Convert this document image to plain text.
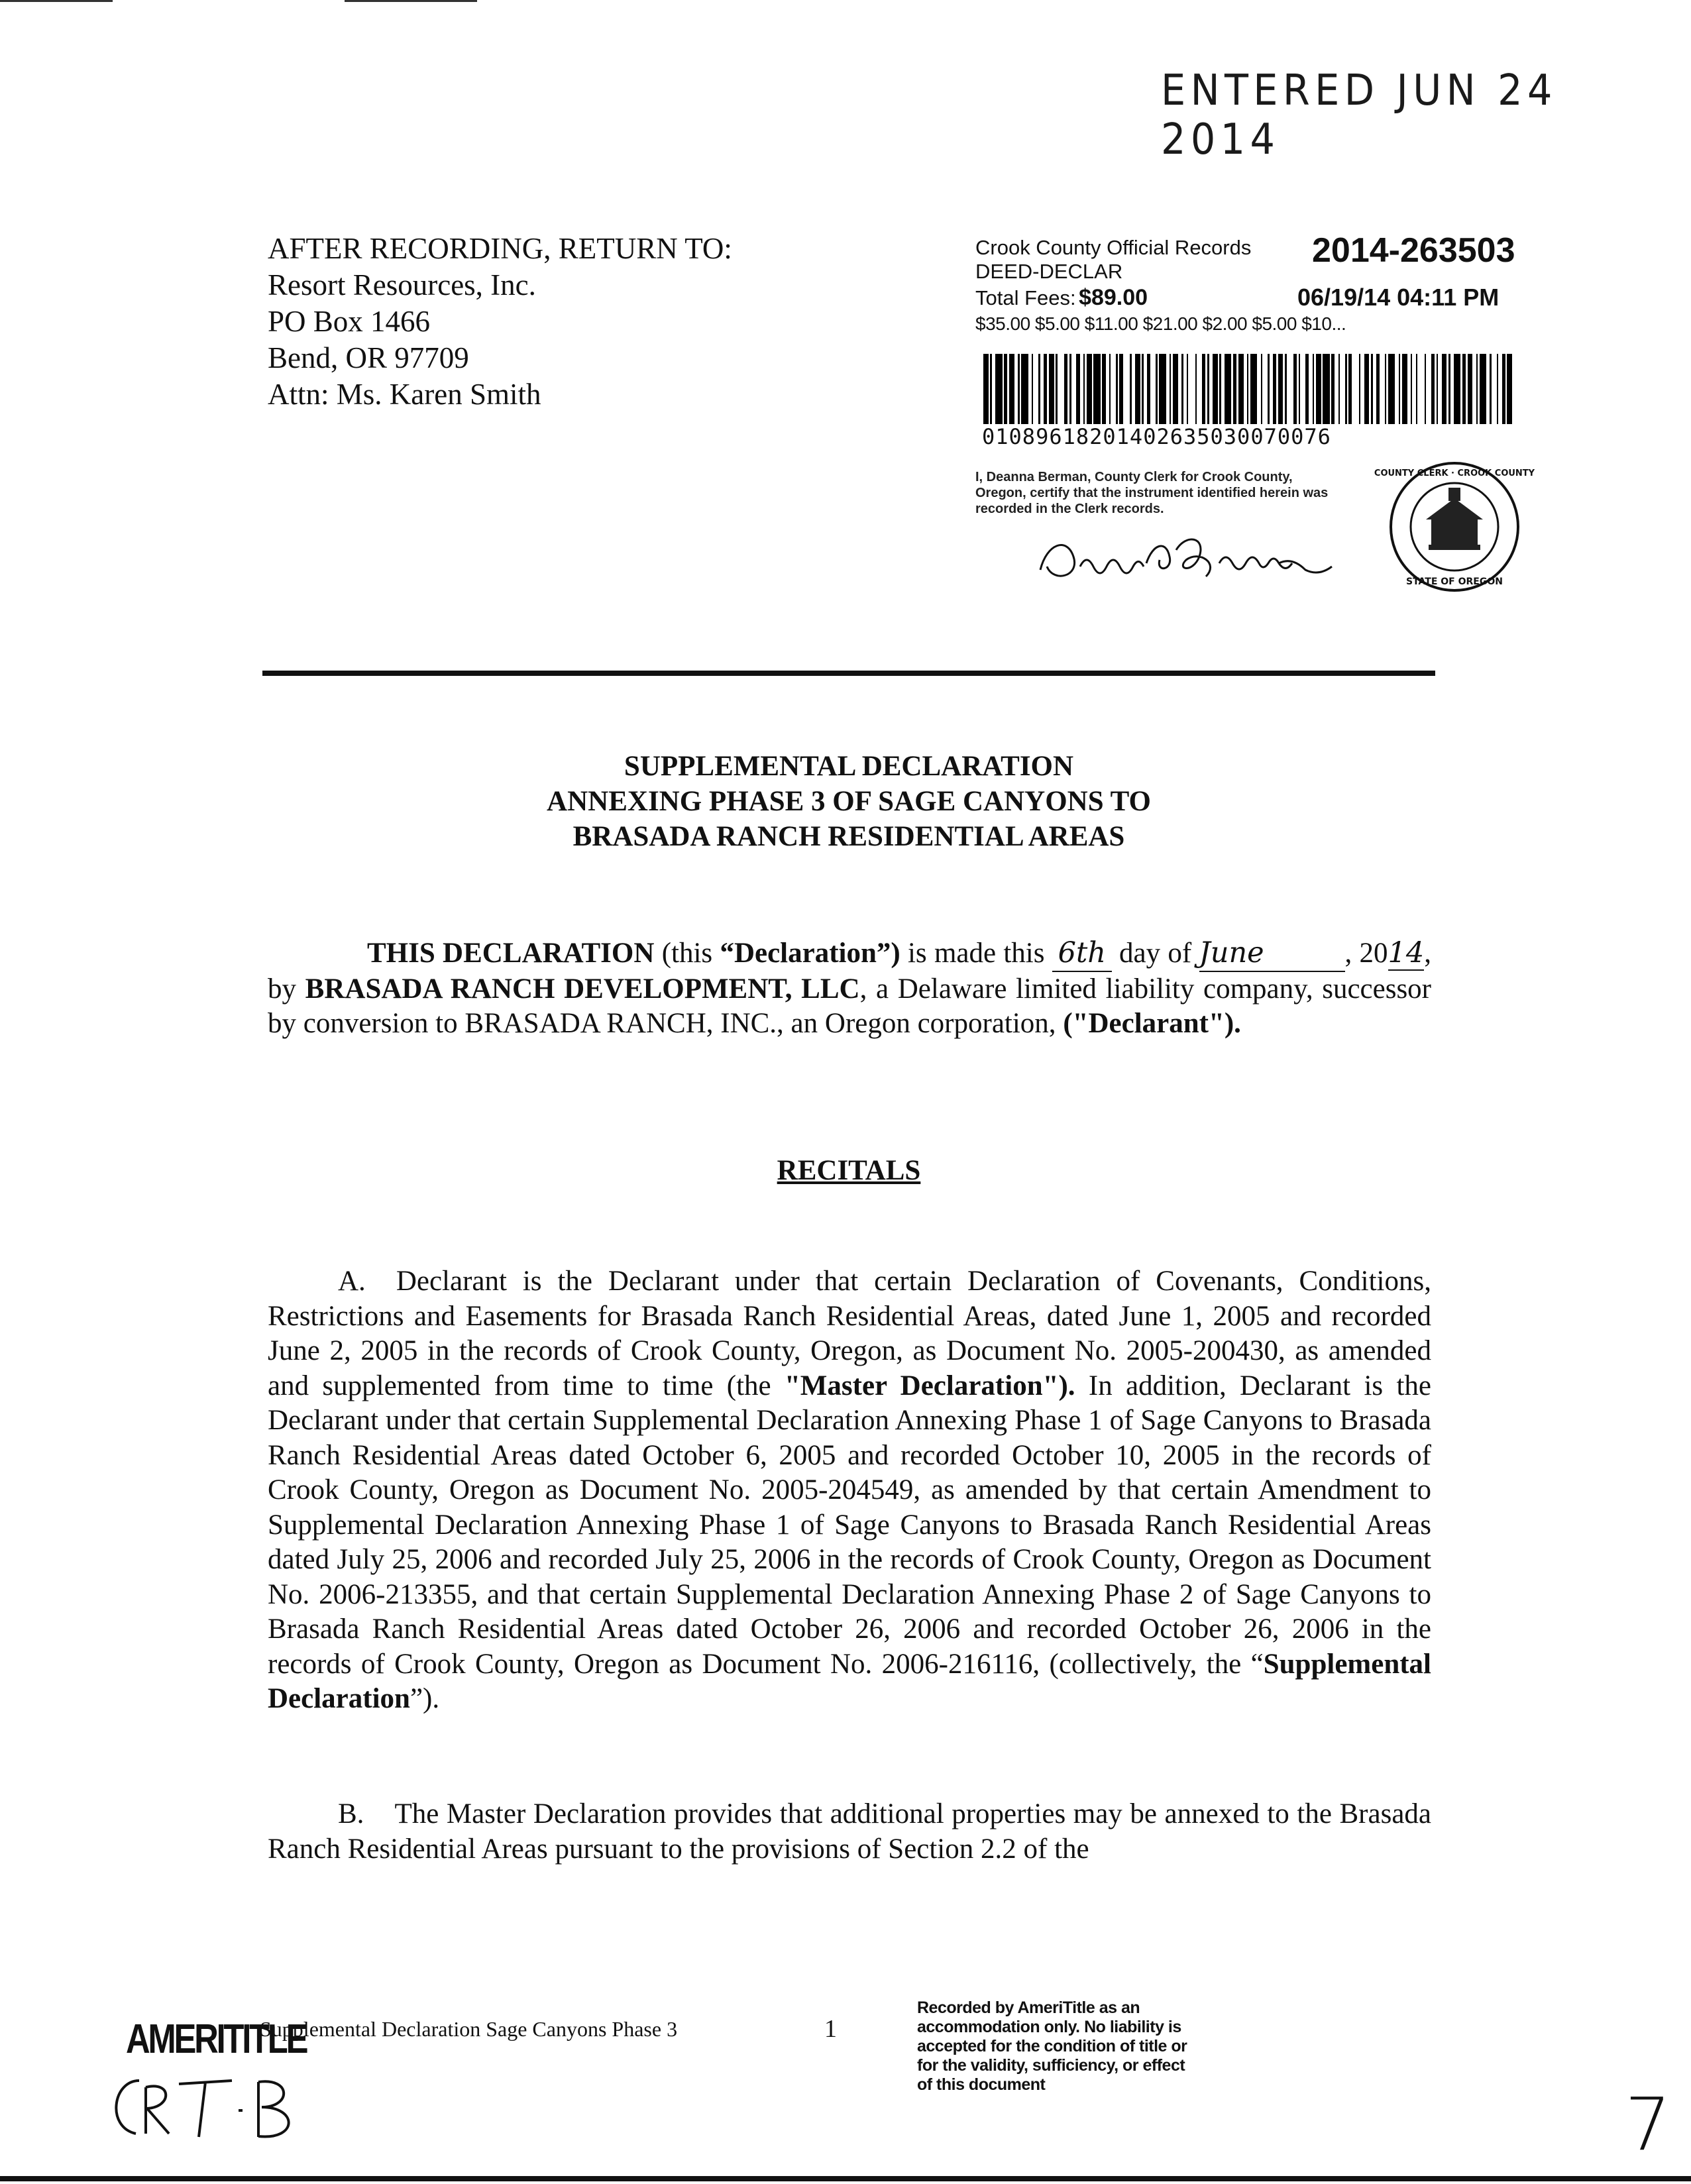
ENTERED JUN 24 2014
AFTER RECORDING, RETURN TO:
Resort Resources, Inc.
PO Box 1466
Bend, OR 97709
Attn: Ms. Karen Smith
Crook County Official Records	2014-263503
DEED-DECLAR
Total Fees: $89.00	06/19/14 04:11 PM
$35.00 $5.00 $11.00 $21.00 $2.00 $5.00 $10...
01089618201402635030070076
I, Deanna Berman, County Clerk for Crook County, Oregon, certify that the instrument identified herein was recorded in the Clerk records.
COUNTY CLERK · CROOK COUNTY
STATE OF OREGON
SUPPLEMENTAL DECLARATION
ANNEXING PHASE 3 OF SAGE CANYONS TO
BRASADA RANCH RESIDENTIAL AREAS
THIS DECLARATION (this “Declaration”) is made this 6th day of June	, 2014, by BRASADA RANCH DEVELOPMENT, LLC, a Delaware limited liability company, successor by conversion to BRASADA RANCH, INC., an Oregon corporation, ("Declarant").
RECITALS
A. Declarant is the Declarant under that certain Declaration of Covenants, Conditions, Restrictions and Easements for Brasada Ranch Residential Areas, dated June 1, 2005 and recorded June 2, 2005 in the records of Crook County, Oregon, as Document No. 2005-200430, as amended and supplemented from time to time (the "Master Declaration"). In addition, Declarant is the Declarant under that certain Supplemental Declaration Annexing Phase 1 of Sage Canyons to Brasada Ranch Residential Areas dated October 6, 2005 and recorded October 10, 2005 in the records of Crook County, Oregon as Document No. 2005-204549, as amended by that certain Amendment to Supplemental Declaration Annexing Phase 1 of Sage Canyons to Brasada Ranch Residential Areas dated July 25, 2006 and recorded July 25, 2006 in the records of Crook County, Oregon as Document No. 2006-213355, and that certain Supplemental Declaration Annexing Phase 2 of Sage Canyons to Brasada Ranch Residential Areas dated October 26, 2006 and recorded October 26, 2006 in the records of Crook County, Oregon as Document No. 2006-216116, (collectively, the “Supplemental Declaration”).
B. The Master Declaration provides that additional properties may be annexed to the Brasada Ranch Residential Areas pursuant to the provisions of Section 2.2 of the
Supplemental Declaration Sage Canyons Phase 3	1
Recorded by AmeriTitle as an accommodation only. No liability is accepted for the condition of title or for the validity, sufficiency, or effect of this document
AMERITITLE
7
